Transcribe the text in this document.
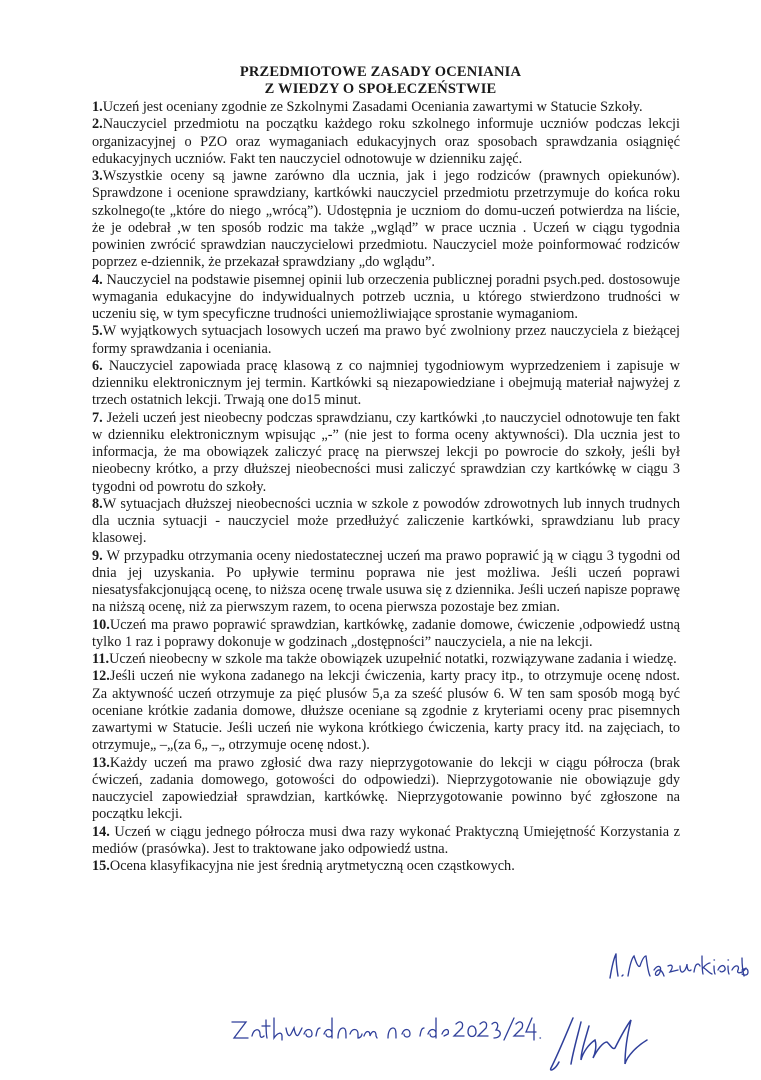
PRZEDMIOTOWE ZASADY OCENIANIA
Z WIEDZY O SPOŁECZEŃSTWIE

1.Uczeń jest oceniany zgodnie ze Szkolnymi Zasadami Oceniania zawartymi w Statucie Szkoły.

2.Nauczyciel przedmiotu na początku każdego roku szkolnego informuje uczniów podczas lekcji organizacyjnej o PZO oraz wymaganiach edukacyjnych oraz sposobach sprawdzania osiągnięć edukacyjnych uczniów. Fakt ten nauczyciel odnotowuje w dzienniku zajęć.

3.Wszystkie oceny są jawne zarówno dla ucznia, jak i jego rodziców (prawnych opiekunów). Sprawdzone i ocenione sprawdziany, kartkówki nauczyciel przedmiotu przetrzymuje do końca roku szkolnego(te „które do niego „wrócą”). Udostępnia je uczniom do domu-uczeń potwierdza na liście, że je odebrał ,w ten sposób rodzic ma także „wgląd” w prace ucznia . Uczeń w ciągu tygodnia powinien zwrócić sprawdzian nauczycielowi przedmiotu. Nauczyciel może poinformować rodziców poprzez e-dziennik, że przekazał sprawdziany „do wglądu”.

4. Nauczyciel na podstawie pisemnej opinii lub orzeczenia publicznej poradni psych.ped. dostosowuje wymagania edukacyjne do indywidualnych potrzeb ucznia, u którego stwierdzono trudności w uczeniu się, w tym specyficzne trudności uniemożliwiające sprostanie wymaganiom.

5.W wyjątkowych sytuacjach losowych uczeń ma prawo być zwolniony przez nauczyciela z bieżącej formy sprawdzania i oceniania.

6. Nauczyciel zapowiada pracę klasową z co najmniej tygodniowym wyprzedzeniem i zapisuje w dzienniku elektronicznym jej termin. Kartkówki są niezapowiedziane i obejmują materiał najwyżej z trzech ostatnich lekcji. Trwają one do15 minut.

7. Jeżeli uczeń jest nieobecny podczas sprawdzianu, czy kartkówki ,to nauczyciel odnotowuje ten fakt w dzienniku elektronicznym wpisując „-” (nie jest to forma oceny aktywności). Dla ucznia jest to informacja, że ma obowiązek zaliczyć pracę na pierwszej lekcji po powrocie do szkoły, jeśli był nieobecny krótko, a przy dłuższej nieobecności musi zaliczyć sprawdzian czy kartkówkę w ciągu 3 tygodni od powrotu do szkoły.

8.W sytuacjach dłuższej nieobecności ucznia w szkole z powodów zdrowotnych lub innych trudnych dla ucznia sytuacji - nauczyciel może przedłużyć zaliczenie kartkówki, sprawdzianu lub pracy klasowej.

9. W przypadku otrzymania oceny niedostatecznej uczeń ma prawo poprawić ją w ciągu 3 tygodni od dnia jej uzyskania. Po upływie terminu poprawa nie jest możliwa. Jeśli uczeń poprawi niesatysfakcjonującą ocenę, to niższa ocenę trwale usuwa się z dziennika. Jeśli uczeń napisze poprawę na niższą ocenę, niż za pierwszym razem, to ocena pierwsza pozostaje bez zmian.

10.Uczeń ma prawo poprawić sprawdzian, kartkówkę, zadanie domowe, ćwiczenie ,odpowiedź ustną tylko 1 raz i poprawy dokonuje w godzinach „dostępności” nauczyciela, a nie na lekcji.

11.Uczeń nieobecny w szkole ma także obowiązek uzupełnić notatki, rozwiązywane zadania i wiedzę.

12.Jeśli uczeń nie wykona zadanego na lekcji ćwiczenia, karty pracy itp., to otrzymuje ocenę ndost. Za aktywność uczeń otrzymuje za pięć plusów 5,a za sześć plusów 6. W ten sam sposób mogą być oceniane krótkie zadania domowe, dłuższe oceniane są zgodnie z kryteriami oceny prac pisemnych zawartymi w Statucie. Jeśli uczeń nie wykona krótkiego ćwiczenia, karty pracy itd. na zajęciach, to otrzymuje„ –„(za 6„ –„ otrzymuje ocenę ndost.).

13.Każdy uczeń ma prawo zgłosić dwa razy nieprzygotowanie do lekcji w ciągu półrocza (brak ćwiczeń, zadania domowego, gotowości do odpowiedzi). Nieprzygotowanie nie obowiązuje gdy nauczyciel zapowiedział sprawdzian, kartkówkę. Nieprzygotowanie powinno być zgłoszone na początku lekcji.

14. Uczeń w ciągu jednego półrocza musi dwa razy wykonać Praktyczną Umiejętność Korzystania z mediów (prasówka). Jest to traktowane jako odpowiedź ustna.

15.Ocena klasyfikacyjna nie jest średnią arytmetyczną ocen cząstkowych.
